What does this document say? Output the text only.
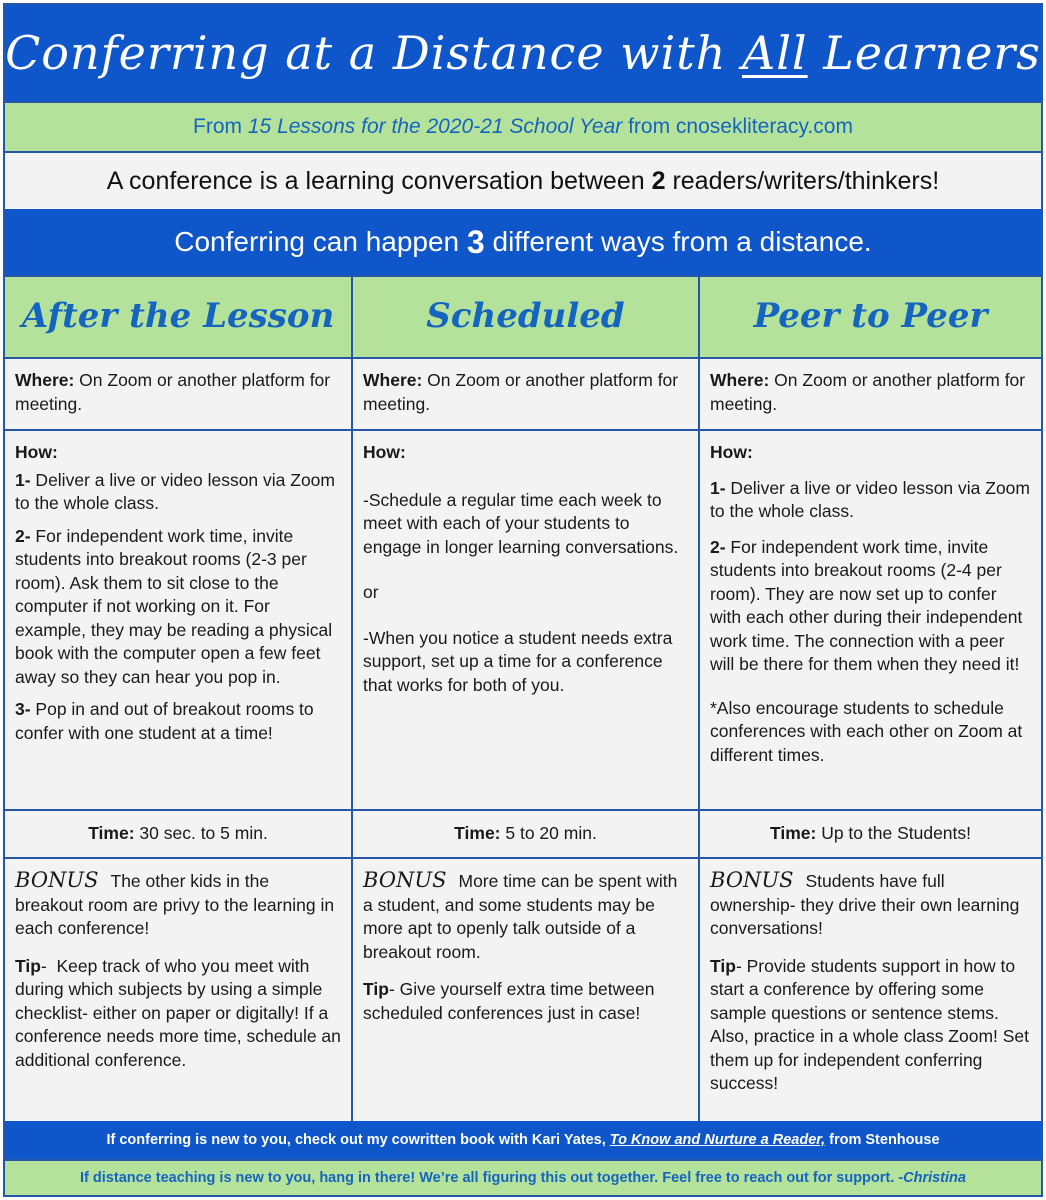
Conferring at a Distance with All Learners
From 15 Lessons for the 2020-21 School Year from cnosekliteracy.com
A conference is a learning conversation between 2 readers/writers/thinkers!
Conferring can happen 3 different ways from a distance.
After the Lesson
Where: On Zoom or another platform for meeting.
How:
1- Deliver a live or video lesson via Zoom to the whole class.
2- For independent work time, invite students into breakout rooms (2-3 per room). Ask them to sit close to the computer if not working on it. For example, they may be reading a physical book with the computer open a few feet away so they can hear you pop in.
3- Pop in and out of breakout rooms to confer with one student at a time!
Time: 30 sec. to 5 min.
BONUS The other kids in the breakout room are privy to the learning in each conference!
Tip-  Keep track of who you meet with during which subjects by using a simple checklist- either on paper or digitally! If a conference needs more time, schedule an additional conference.
Scheduled
Where: On Zoom or another platform for meeting.
How:
-Schedule a regular time each week to meet with each of your students to engage in longer learning conversations.
or
-When you notice a student needs extra support, set up a time for a conference that works for both of you.
Time: 5 to 20 min.
BONUS More time can be spent with a student, and some students may be more apt to openly talk outside of a breakout room.
Tip- Give yourself extra time between scheduled conferences just in case!
Peer to Peer
Where: On Zoom or another platform for meeting.
How:
1- Deliver a live or video lesson via Zoom to the whole class.
2- For independent work time, invite students into breakout rooms (2-4 per room). They are now set up to confer with each other during their independent work time. The connection with a peer will be there for them when they need it!
*Also encourage students to schedule conferences with each other on Zoom at different times.
Time: Up to the Students!
BONUS Students have full ownership- they drive their own learning conversations!
Tip- Provide students support in how to start a conference by offering some sample questions or sentence stems. Also, practice in a whole class Zoom! Set them up for independent conferring success!
If conferring is new to you, check out my cowritten book with Kari Yates, To Know and Nurture a Reader, from Stenhouse
If distance teaching is new to you, hang in there! We’re all figuring this out together. Feel free to reach out for support. -Christina
